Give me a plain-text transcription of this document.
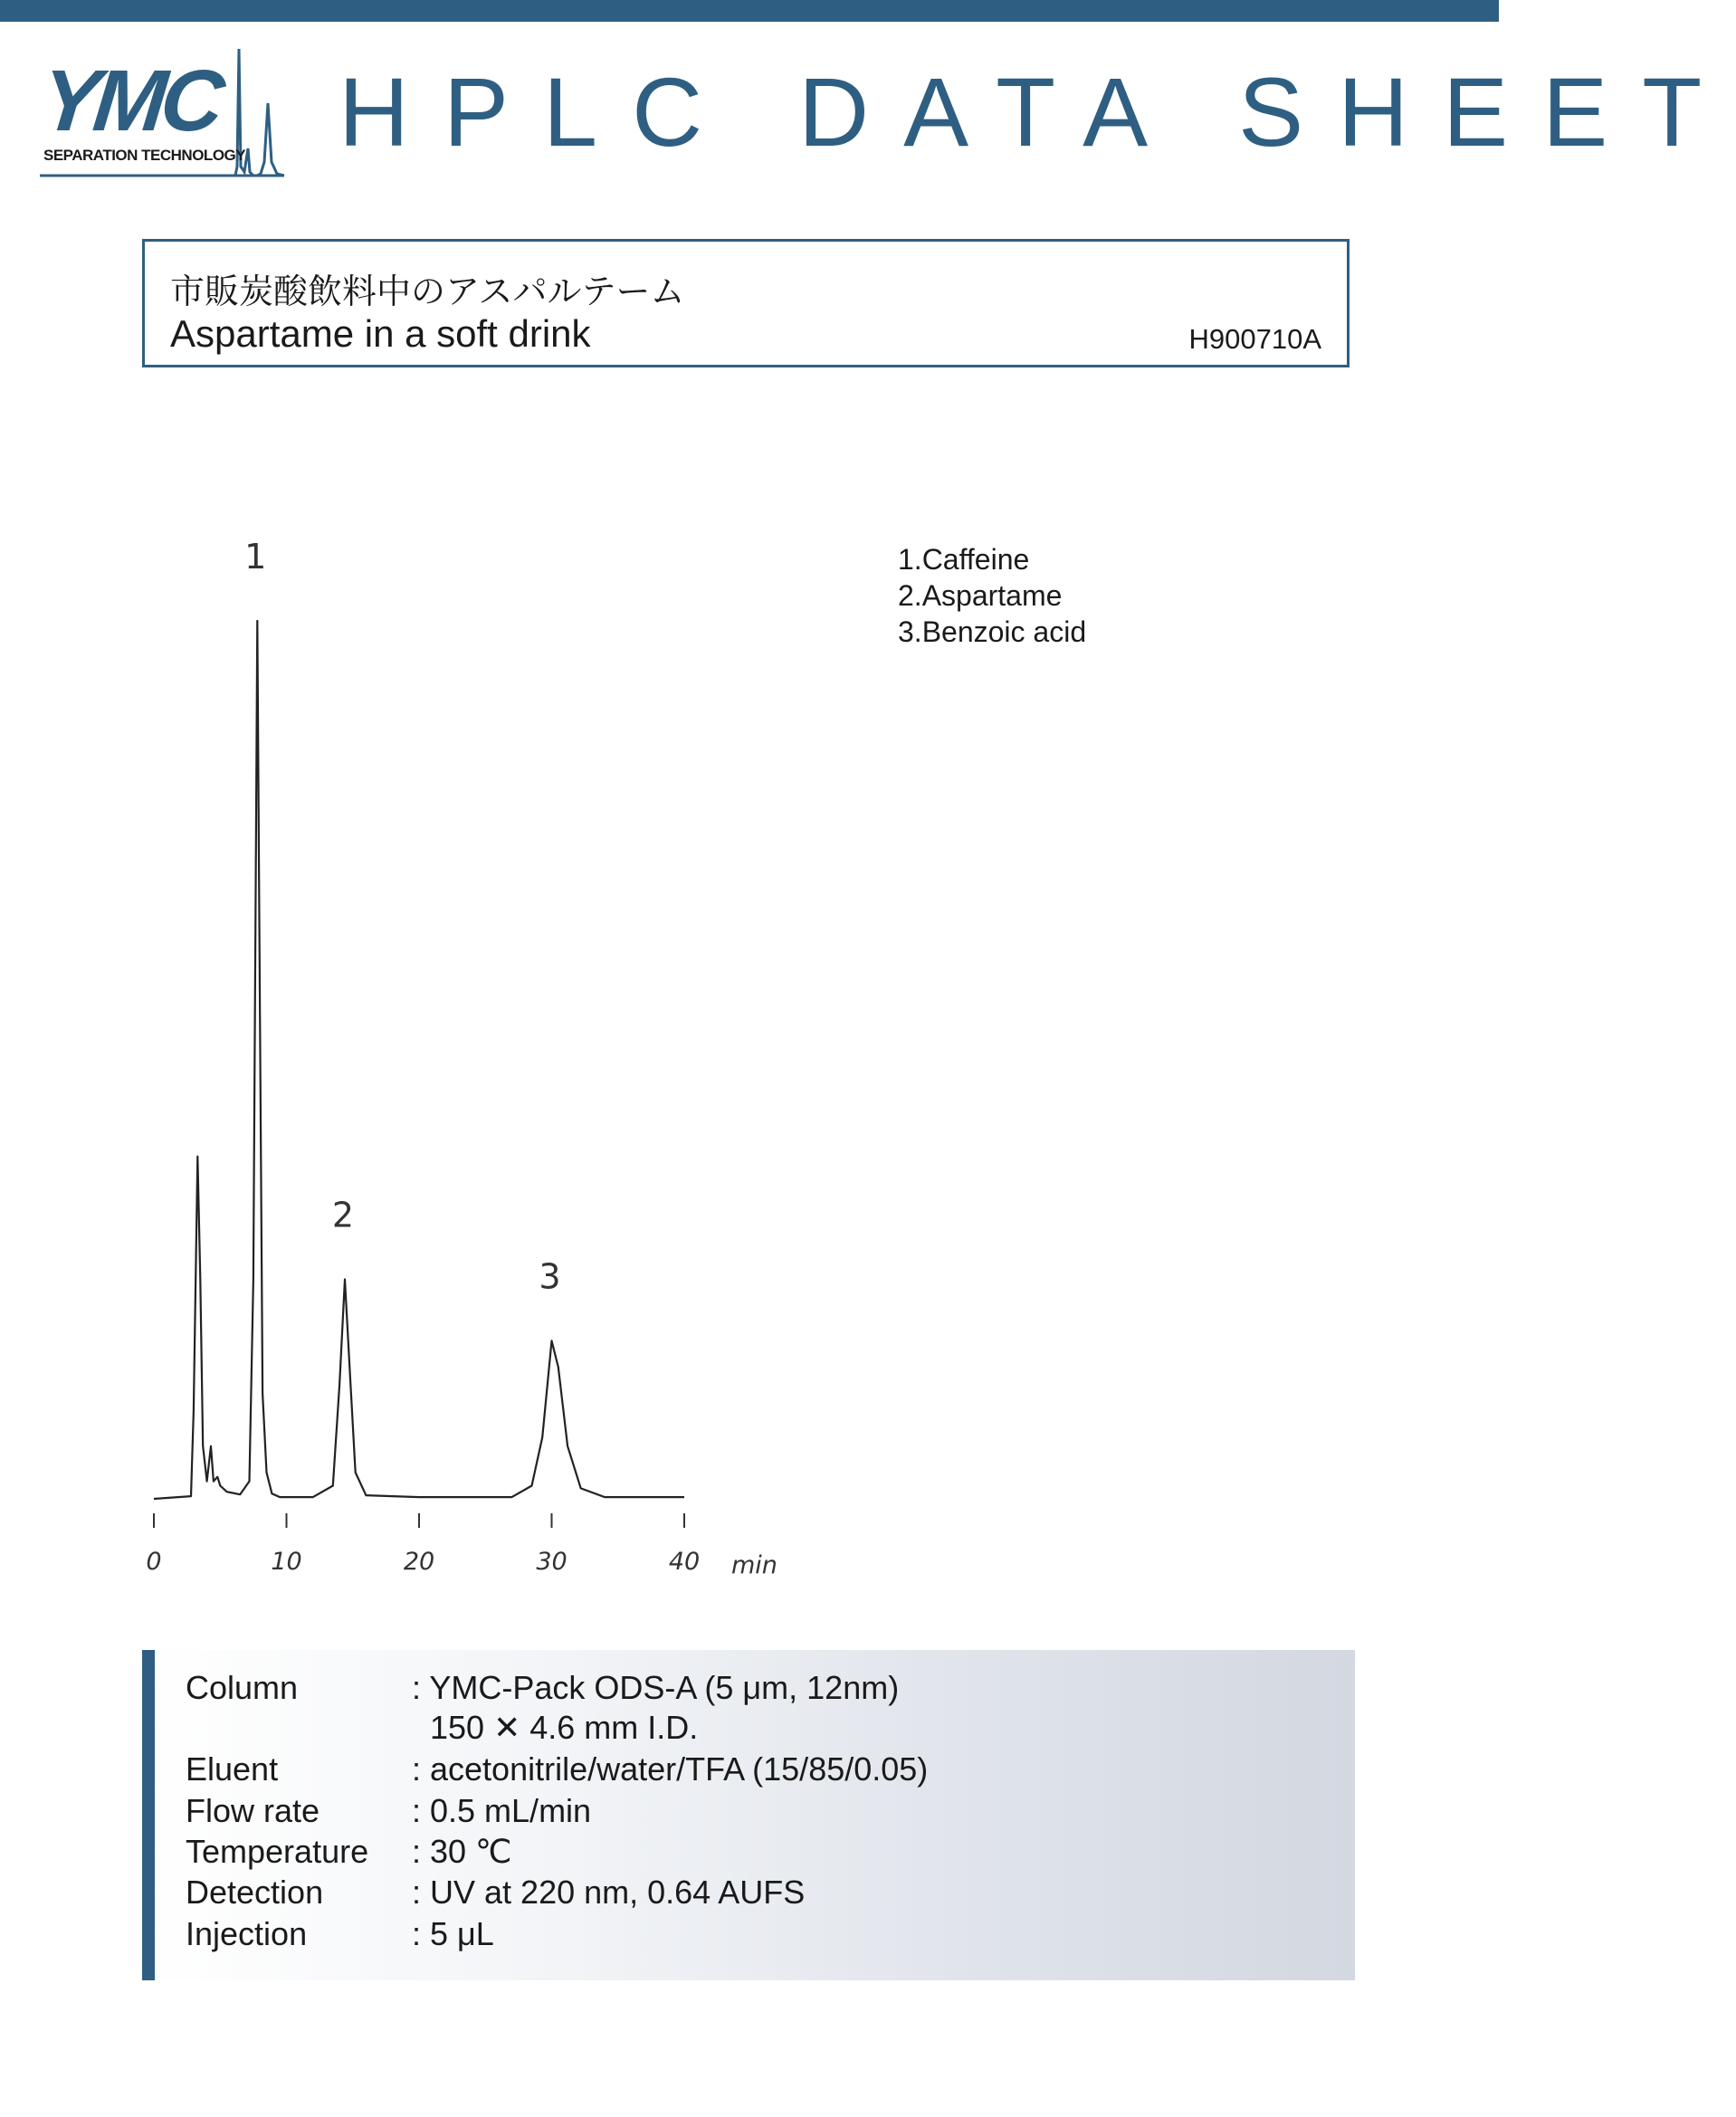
YMC
SEPARATION TECHNOLOGY HPLC DATA SHEET
市販炭酸飲料中のアスパルテーム
Aspartame in a soft drink	H900710A
0	10	20	30	40 min
1
2
3
1.Caffeine
2.Aspartame
3.Benzoic acid
Column	: YMC-Pack ODS-A (5 μm, 12nm)
150 ✕ 4.6 mm I.D.
Eluent	: acetonitrile/water/TFA (15/85/0.05)
Flow rate	: 0.5 mL/min
Temperature : 30 ℃
Detection	: UV at 220 nm, 0.64 AUFS
Injection	: 5 μL
